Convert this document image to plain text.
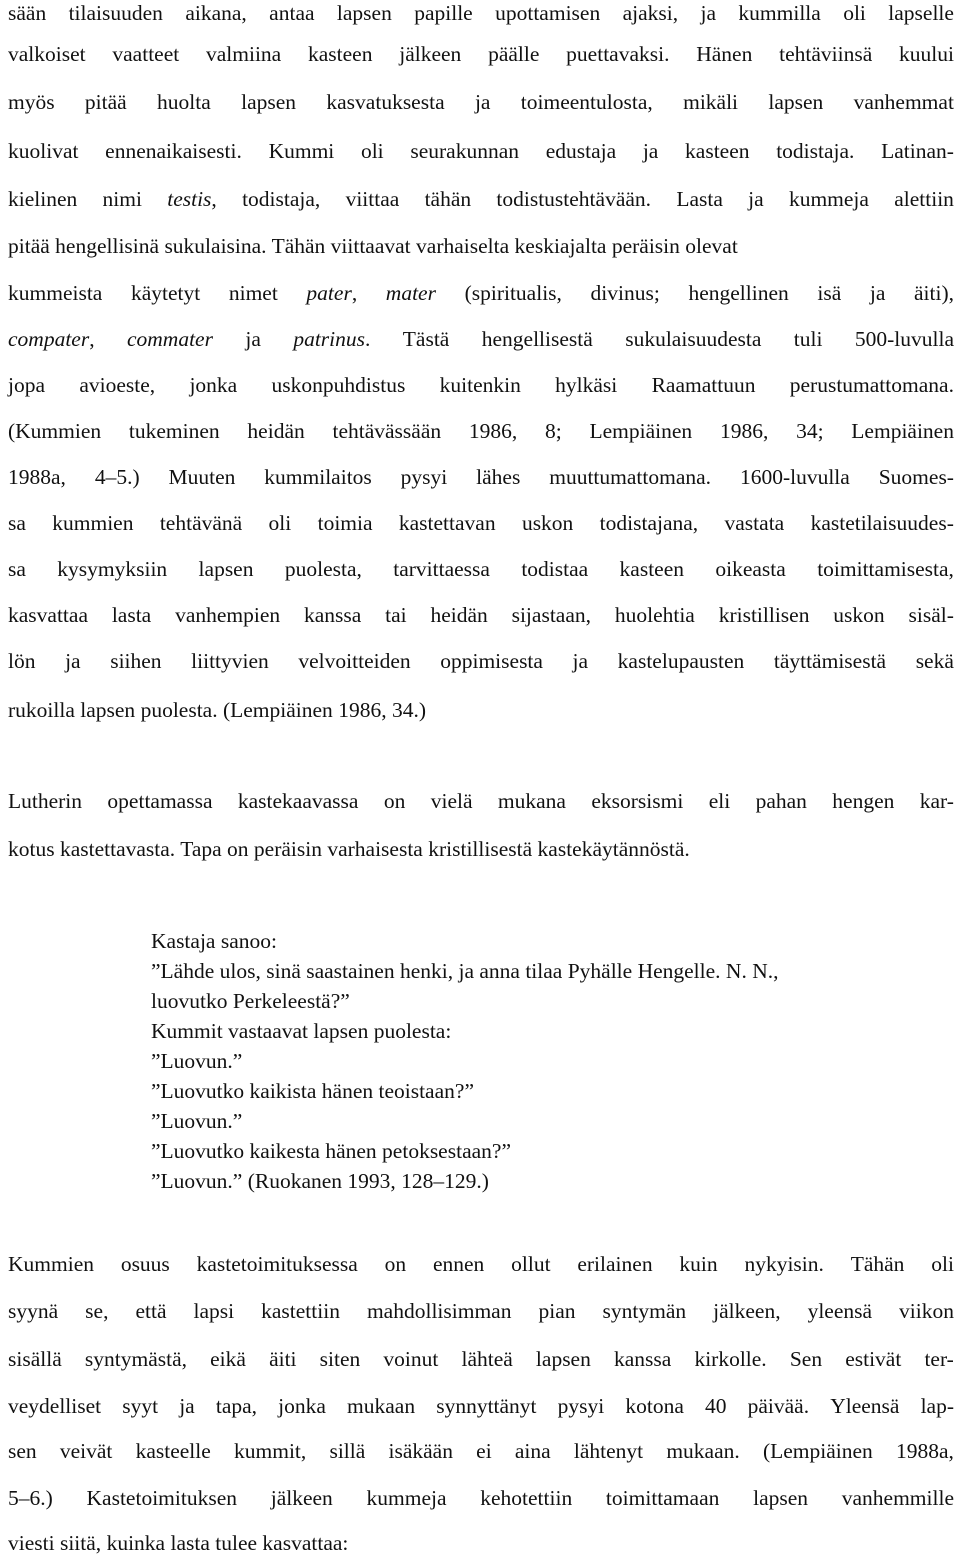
sään tilaisuuden aikana, antaa lapsen papille upottamisen ajaksi, ja kummilla oli lapselle
valkoiset vaatteet valmiina kasteen jälkeen päälle puettavaksi. Hänen tehtäviinsä kuului
myös pitää huolta lapsen kasvatuksesta ja toimeentulosta, mikäli lapsen vanhemmat
kuolivat ennenaikaisesti. Kummi oli seurakunnan edustaja ja kasteen todistaja. Latinan-
kielinen nimi testis, todistaja, viittaa tähän todistustehtävään. Lasta ja kummeja alettiin
pitää hengellisinä sukulaisina. Tähän viittaavat varhaiselta keskiajalta peräisin olevat
kummeista käytetyt nimet pater, mater (spiritualis, divinus; hengellinen isä ja äiti),
compater, commater ja patrinus. Tästä hengellisestä sukulaisuudesta tuli 500-luvulla
jopa avioeste, jonka uskonpuhdistus kuitenkin hylkäsi Raamattuun perustumattomana.
(Kummien tukeminen heidän tehtävässään 1986, 8; Lempiäinen 1986, 34; Lempiäinen
1988a, 4–5.) Muuten kummilaitos pysyi lähes muuttumattomana. 1600-luvulla Suomes-
sa kummien tehtävänä oli toimia kastettavan uskon todistajana, vastata kastetilaisuudes-
sa kysymyksiin lapsen puolesta, tarvittaessa todistaa kasteen oikeasta toimittamisesta,
kasvattaa lasta vanhempien kanssa tai heidän sijastaan, huolehtia kristillisen uskon sisäl-
lön ja siihen liittyvien velvoitteiden oppimisesta ja kastelupausten täyttämisestä sekä
rukoilla lapsen puolesta. (Lempiäinen 1986, 34.)
Lutherin opettamassa kastekaavassa on vielä mukana eksorsismi eli pahan hengen kar-
kotus kastettavasta. Tapa on peräisin varhaisesta kristillisestä kastekäytännöstä.
Kastaja sanoo:
”Lähde ulos, sinä saastainen henki, ja anna tilaa Pyhälle Hengelle. N. N.,
luovutko Perkeleestä?”
Kummit vastaavat lapsen puolesta:
”Luovun.”
”Luovutko kaikista hänen teoistaan?”
”Luovun.”
”Luovutko kaikesta hänen petoksestaan?”
”Luovun.” (Ruokanen 1993, 128–129.)
Kummien osuus kastetoimituksessa on ennen ollut erilainen kuin nykyisin. Tähän oli
syynä se, että lapsi kastettiin mahdollisimman pian syntymän jälkeen, yleensä viikon
sisällä syntymästä, eikä äiti siten voinut lähteä lapsen kanssa kirkolle. Sen estivät ter-
veydelliset syyt ja tapa, jonka mukaan synnyttänyt pysyi kotona 40 päivää. Yleensä lap-
sen veivät kasteelle kummit, sillä isäkään ei aina lähtenyt mukaan. (Lempiäinen 1988a,
5–6.) Kastetoimituksen jälkeen kummeja kehotettiin toimittamaan lapsen vanhemmille
viesti siitä, kuinka lasta tulee kasvattaa:
